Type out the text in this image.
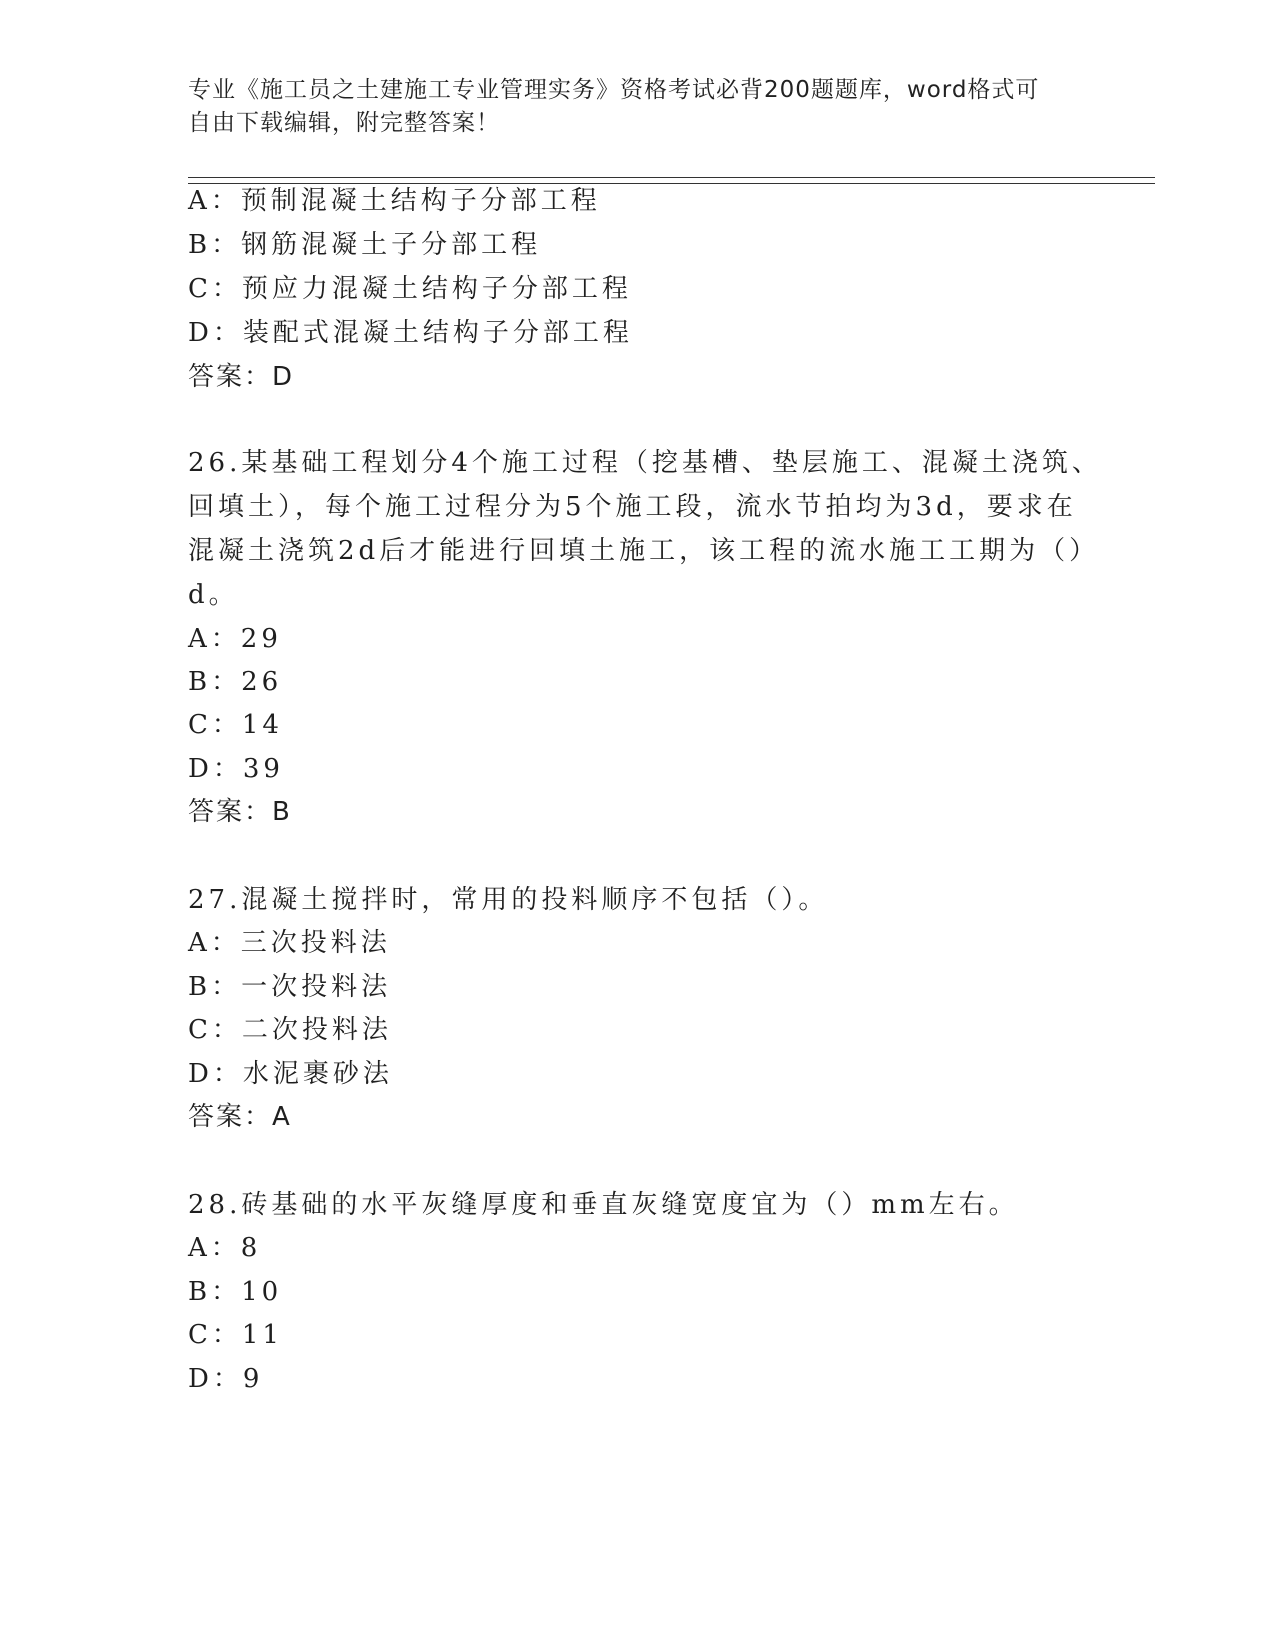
专业《施工员之土建施工专业管理实务》资格考试必背200题题库，word格式可
自由下载编辑，附完整答案！
A：预制混凝土结构子分部工程
B：钢筋混凝土子分部工程
C：预应力混凝土结构子分部工程
D：装配式混凝土结构子分部工程
答案：D
26.某基础工程划分4个施工过程（挖基槽、垫层施工、混凝土浇筑、
回填土），每个施工过程分为5个施工段，流水节拍均为3d，要求在
混凝土浇筑2d后才能进行回填土施工，该工程的流水施工工期为（）
d。
A：29
B：26
C：14
D：39
答案：B
27.混凝土搅拌时，常用的投料顺序不包括（）。
A：三次投料法
B：一次投料法
C：二次投料法
D：水泥裹砂法
答案：A
28.砖基础的水平灰缝厚度和垂直灰缝宽度宜为（）mm左右。
A：8
B：10
C：11
D：9
